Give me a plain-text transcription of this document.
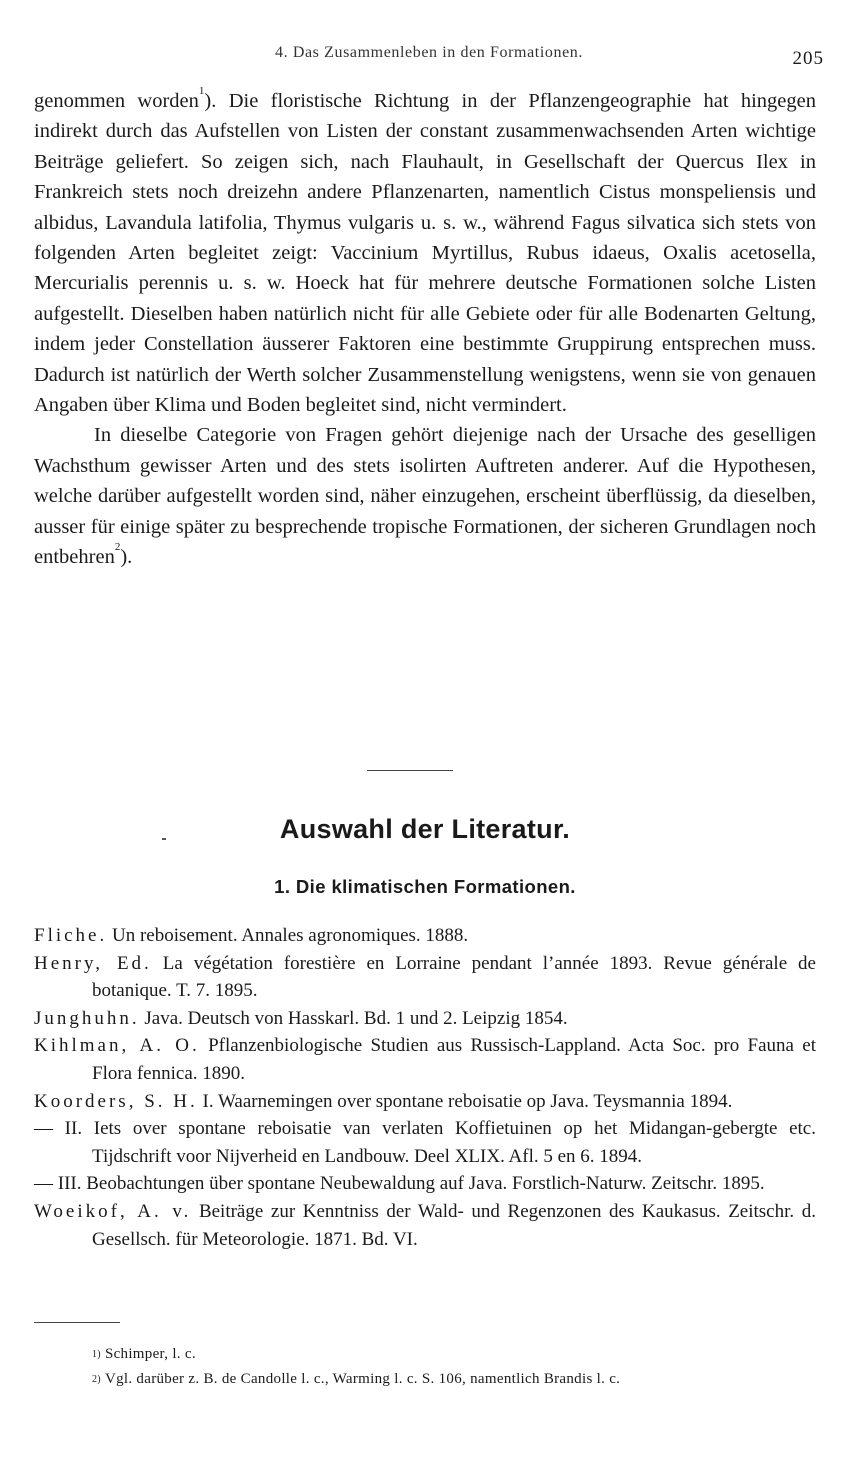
4. Das Zusammenleben in den Formationen.	205

genommen worden$^1$). Die floristische Richtung in der Pflanzengeographie hat hingegen indirekt durch das Aufstellen von Listen der constant zusammenwachsenden Arten wichtige Beiträge geliefert. So zeigen sich, nach Flauhault, in Gesellschaft der Quercus Ilex in Frankreich stets noch dreizehn andere Pflanzenarten, namentlich Cistus monspeliensis und albidus, Lavandula latifolia, Thymus vulgaris u. s. w., während Fagus silvatica sich stets von folgenden Arten begleitet zeigt: Vaccinium Myrtillus, Rubus idaeus, Oxalis acetosella, Mercurialis perennis u. s. w. Hoeck hat für mehrere deutsche Formationen solche Listen aufgestellt. Dieselben haben natürlich nicht für alle Gebiete oder für alle Bodenarten Geltung, indem jeder Constellation äusserer Faktoren eine bestimmte Gruppirung entsprechen muss. Dadurch ist natürlich der Werth solcher Zusammenstellung wenigstens, wenn sie von genauen Angaben über Klima und Boden begleitet sind, nicht vermindert.

In dieselbe Categorie von Fragen gehört diejenige nach der Ursache des geselligen Wachsthum gewisser Arten und des stets isolirten Auftreten anderer. Auf die Hypothesen, welche darüber aufgestellt worden sind, näher einzugehen, erscheint überflüssig, da dieselben, ausser für einige später zu besprechende tropische Formationen, der sicheren Grundlagen noch entbehren$^2$).

Auswahl der Literatur.
1. Die klimatischen Formationen.

Fliche. Un reboisement. Annales agronomiques. 1888.

Henry, Ed. La végétation forestière en Lorraine pendant l’année 1893. Revue générale de botanique. T. 7. 1895.

Junghuhn. Java. Deutsch von Hasskarl. Bd. 1 und 2. Leipzig 1854.

Kihlman, A. O. Pflanzenbiologische Studien aus Russisch-Lappland. Acta Soc. pro Fauna et Flora fennica. 1890.

Koorders, S. H. I. Waarnemingen over spontane reboisatie op Java. Teysmannia 1894.

— II. Iets over spontane reboisatie van verlaten Koffietuinen op het Midangan-gebergte etc. Tijdschrift voor Nijverheid en Landbouw. Deel XLIX. Afl. 5 en 6. 1894.

— III. Beobachtungen über spontane Neubewaldung auf Java. Forstlich-Naturw. Zeitschr. 1895.

Woeikof, A. v. Beiträge zur Kenntniss der Wald- und Regenzonen des Kaukasus. Zeitschr. d. Gesellsch. für Meteorologie. 1871. Bd. VI.

1) Schimper, l. c.

2) Vgl. darüber z. B. de Candolle l. c., Warming l. c. S. 106, namentlich Brandis l. c.
